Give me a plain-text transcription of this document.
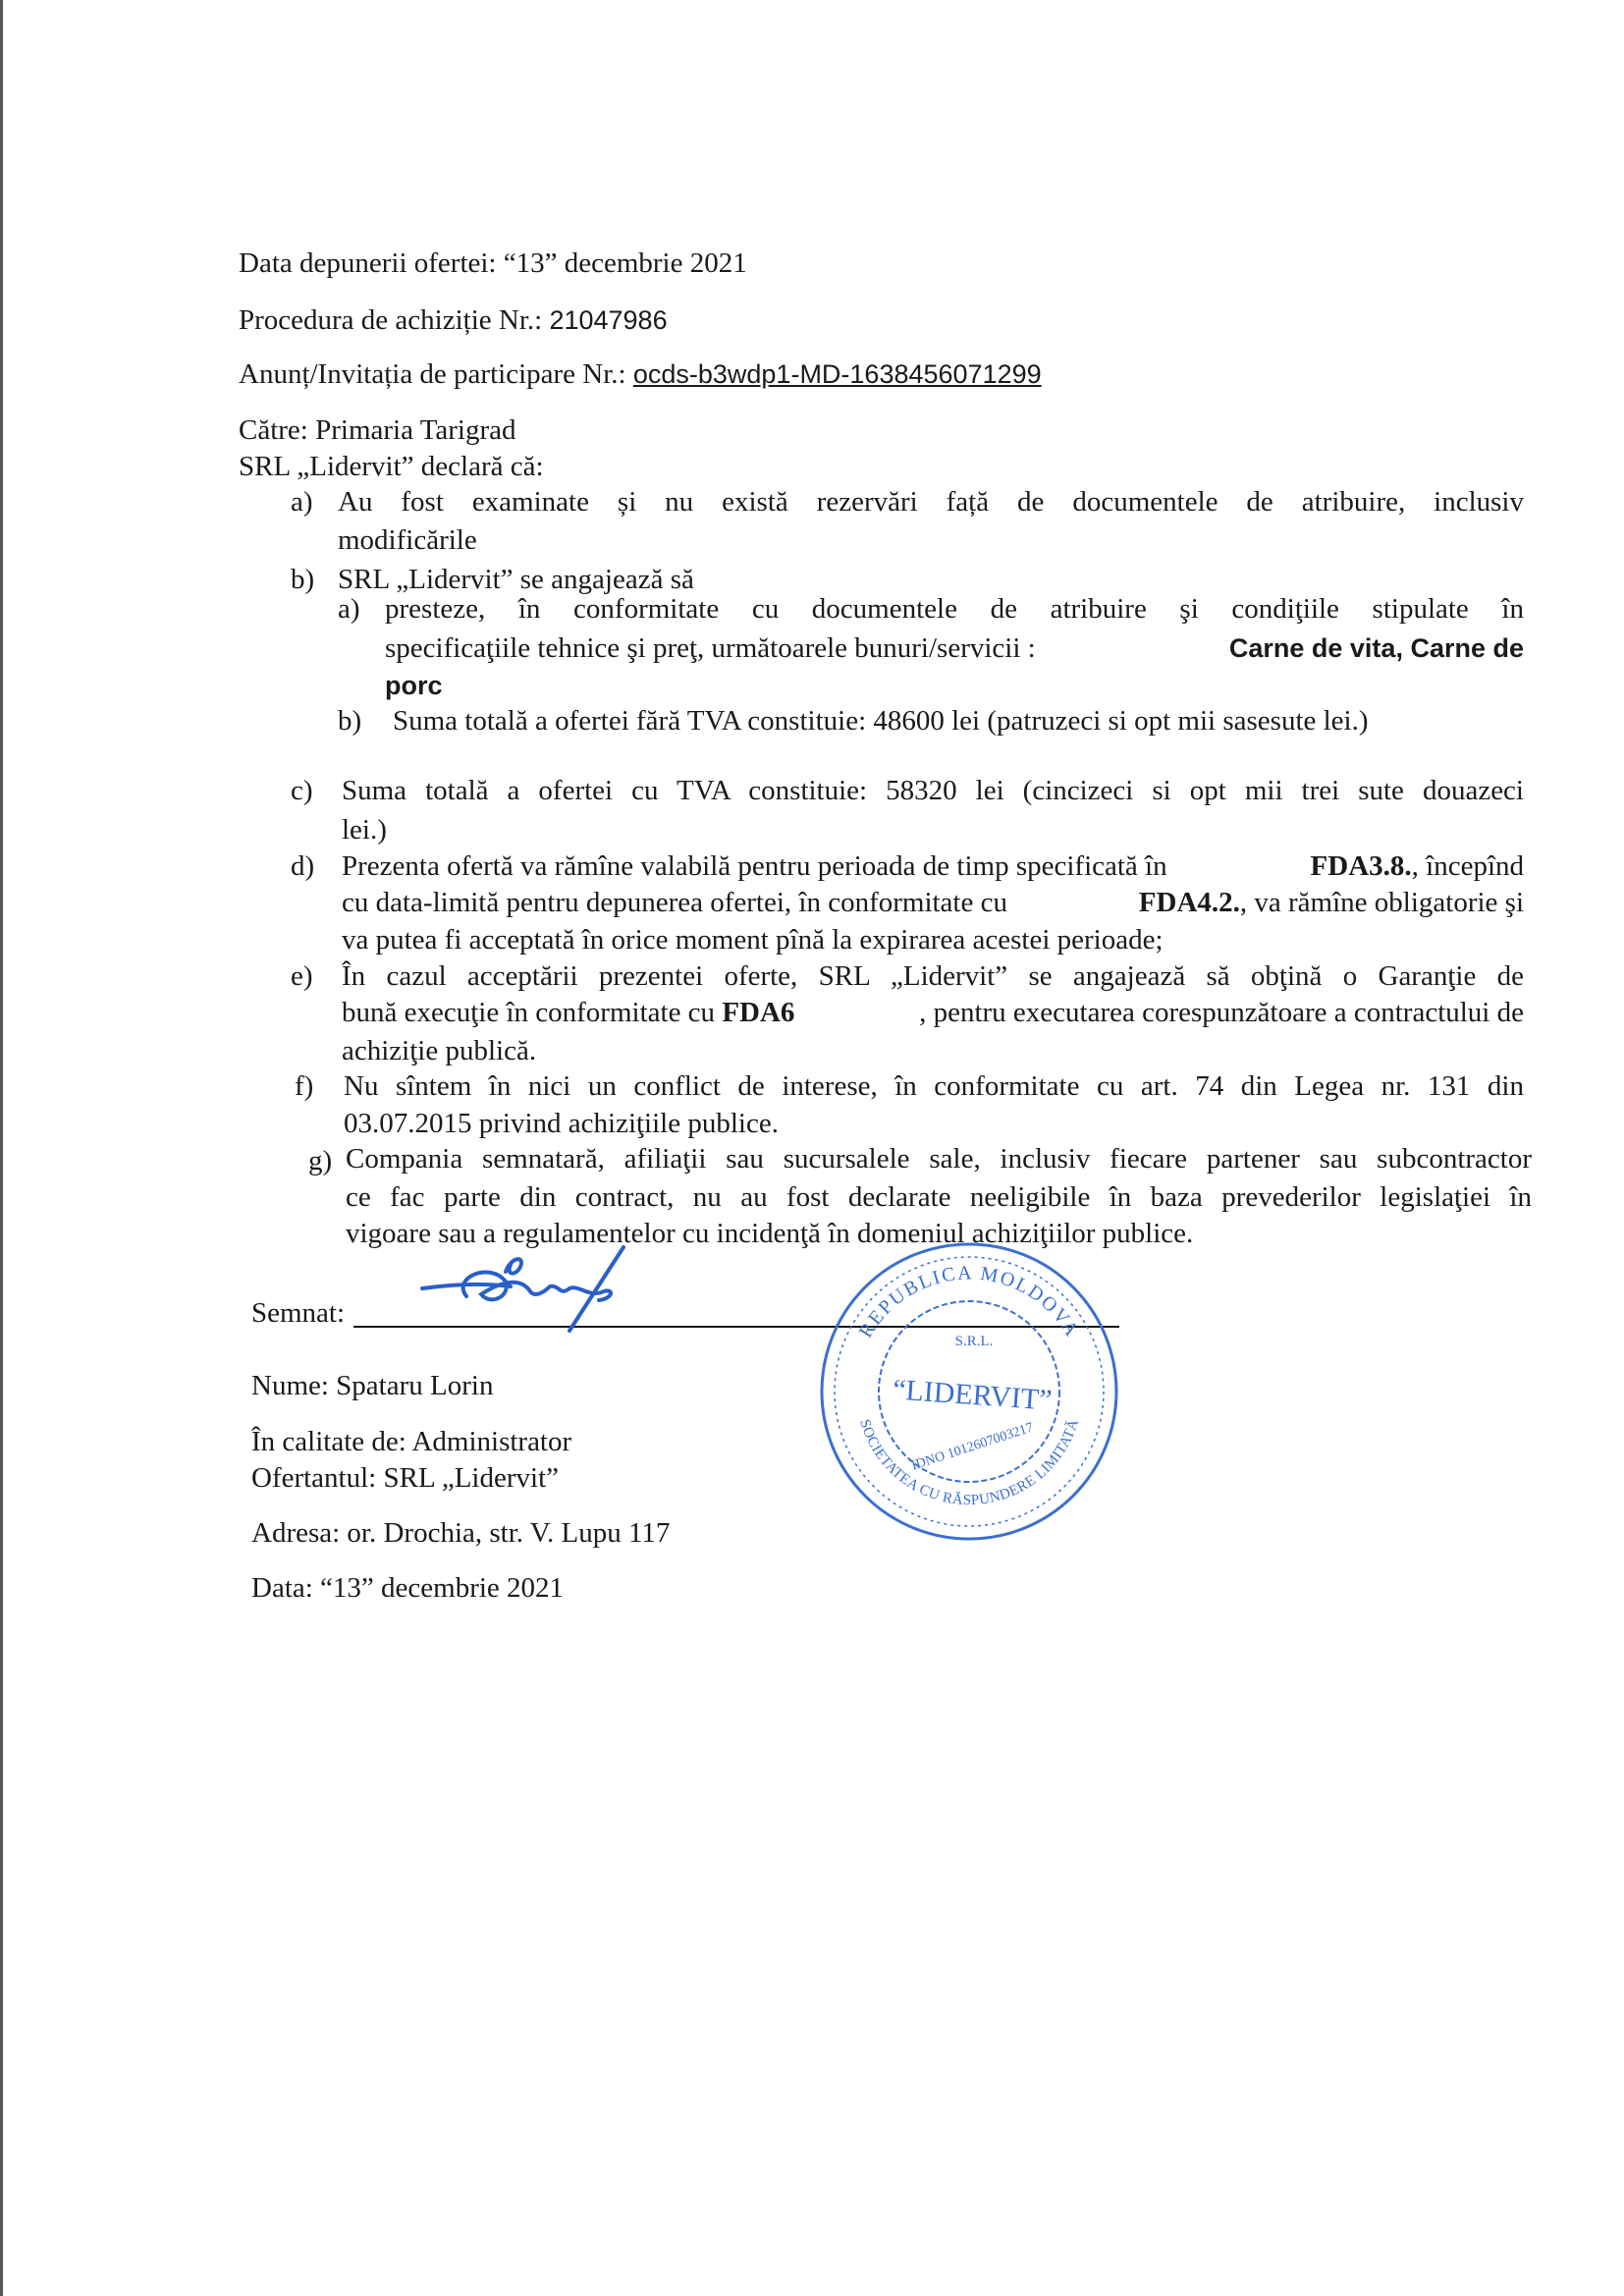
Data depunerii ofertei: “13” decembrie 2021
Procedura de achiziție Nr.: 21047986
Anunț/Invitația de participare Nr.: ocds-b3wdp1-MD-1638456071299
Către: Primaria Tarigrad
SRL „Lidervit” declară că:
a) Au fost examinate și nu există rezervări față de documentele de atribuire, inclusiv
modificările
b) SRL „Lidervit” se angajează să
a) presteze, în conformitate cu documentele de atribuire şi condiţiile stipulate în
specificaţiile tehnice şi preţ, următoarele bunuri/servicii :	Carne de vita, Carne de
porc
b) Suma totală a ofertei fără TVA constituie: 48600 lei (patruzeci si opt mii sasesute lei.)
c) Suma totală a ofertei cu TVA constituie: 58320 lei (cincizeci si opt mii trei sute douazeci
lei.)
d) Prezenta ofertă va rămîne valabilă pentru perioada de timp specificată în	FDA3.8., începînd
cu data-limită pentru depunerea ofertei, în conformitate cu	FDA4.2., va rămîne obligatorie şi
va putea fi acceptată în orice moment pînă la expirarea acestei perioade;
e) În cazul acceptării prezentei oferte, SRL „Lidervit” se angajează să obţină o Garanţie de
bună execuţie în conformitate cu FDA6	, pentru executarea corespunzătoare a contractului de
achiziţie publică.
f) Nu sîntem în nici un conflict de interese, în conformitate cu art. 74 din Legea nr. 131 din
03.07.2015 privind achiziţiile publice.
g) Compania semnatară, afiliaţii sau sucursalele sale, inclusiv fiecare partener sau subcontractor
ce fac parte din contract, nu au fost declarate neeligibile în baza prevederilor legislaţiei în
vigoare sau a regulamentelor cu incidenţă în domeniul achiziţiilor publice.
Semnat:
Nume: Spataru Lorin
În calitate de: Administrator
Ofertantul: SRL „Lidervit”
Adresa: or. Drochia, str. V. Lupu 117
Data: “13” decembrie 2021
REPUBLICA MOLDOVA
SOCIETATEA CU RĂSPUNDERE LIMITATĂ
S.R.L.
“LIDERVIT”
IDNO 1012607003217
